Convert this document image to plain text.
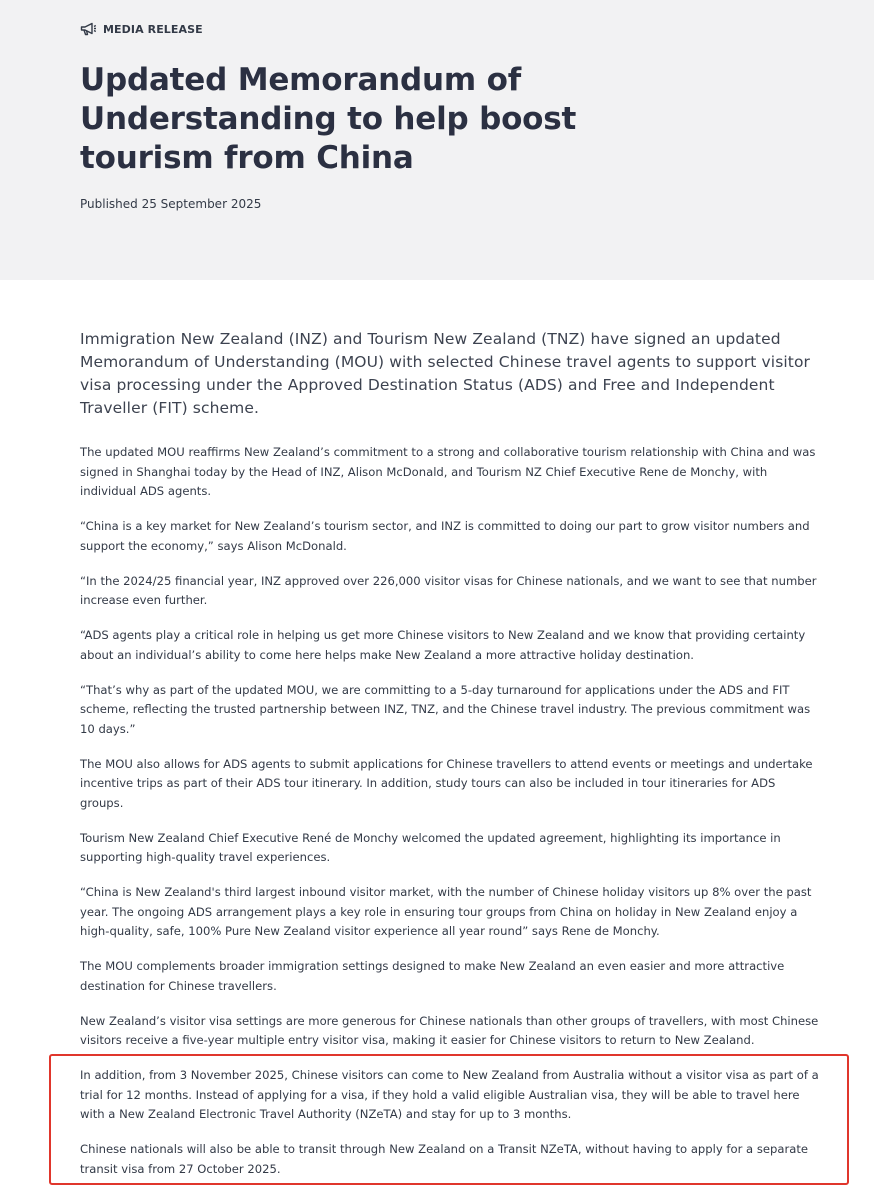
MEDIA RELEASE
Updated Memorandum of Understanding to help boost tourism from China
Published 25 September 2025

Immigration New Zealand (INZ) and Tourism New Zealand (TNZ) have signed an updated Memorandum of Understanding (MOU) with selected Chinese travel agents to support visitor visa processing under the Approved Destination Status (ADS) and Free and Independent Traveller (FIT) scheme.

The updated MOU reaffirms New Zealand’s commitment to a strong and collaborative tourism relationship with China and was signed in Shanghai today by the Head of INZ, Alison McDonald, and Tourism NZ Chief Executive Rene de Monchy, with individual ADS agents.

“China is a key market for New Zealand’s tourism sector, and INZ is committed to doing our part to grow visitor numbers and support the economy,” says Alison McDonald.

“In the 2024/25 financial year, INZ approved over 226,000 visitor visas for Chinese nationals, and we want to see that number increase even further.

“ADS agents play a critical role in helping us get more Chinese visitors to New Zealand and we know that providing certainty about an individual’s ability to come here helps make New Zealand a more attractive holiday destination.

“That’s why as part of the updated MOU, we are committing to a 5-day turnaround for applications under the ADS and FIT scheme, reflecting the trusted partnership between INZ, TNZ, and the Chinese travel industry. The previous commitment was 10 days.”

The MOU also allows for ADS agents to submit applications for Chinese travellers to attend events or meetings and undertake incentive trips as part of their ADS tour itinerary. In addition, study tours can also be included in tour itineraries for ADS groups.

Tourism New Zealand Chief Executive René de Monchy welcomed the updated agreement, highlighting its importance in supporting high-quality travel experiences.

“China is New Zealand's third largest inbound visitor market, with the number of Chinese holiday visitors up 8% over the past year. The ongoing ADS arrangement plays a key role in ensuring tour groups from China on holiday in New Zealand enjoy a high-quality, safe, 100% Pure New Zealand visitor experience all year round” says Rene de Monchy.

The MOU complements broader immigration settings designed to make New Zealand an even easier and more attractive destination for Chinese travellers.

New Zealand’s visitor visa settings are more generous for Chinese nationals than other groups of travellers, with most Chinese visitors receive a five-year multiple entry visitor visa, making it easier for Chinese visitors to return to New Zealand.

In addition, from 3 November 2025, Chinese visitors can come to New Zealand from Australia without a visitor visa as part of a trial for 12 months. Instead of applying for a visa, if they hold a valid eligible Australian visa, they will be able to travel here with a New Zealand Electronic Travel Authority (NZeTA) and stay for up to 3 months.

Chinese nationals will also be able to transit through New Zealand on a Transit NZeTA, without having to apply for a separate transit visa from 27 October 2025.
